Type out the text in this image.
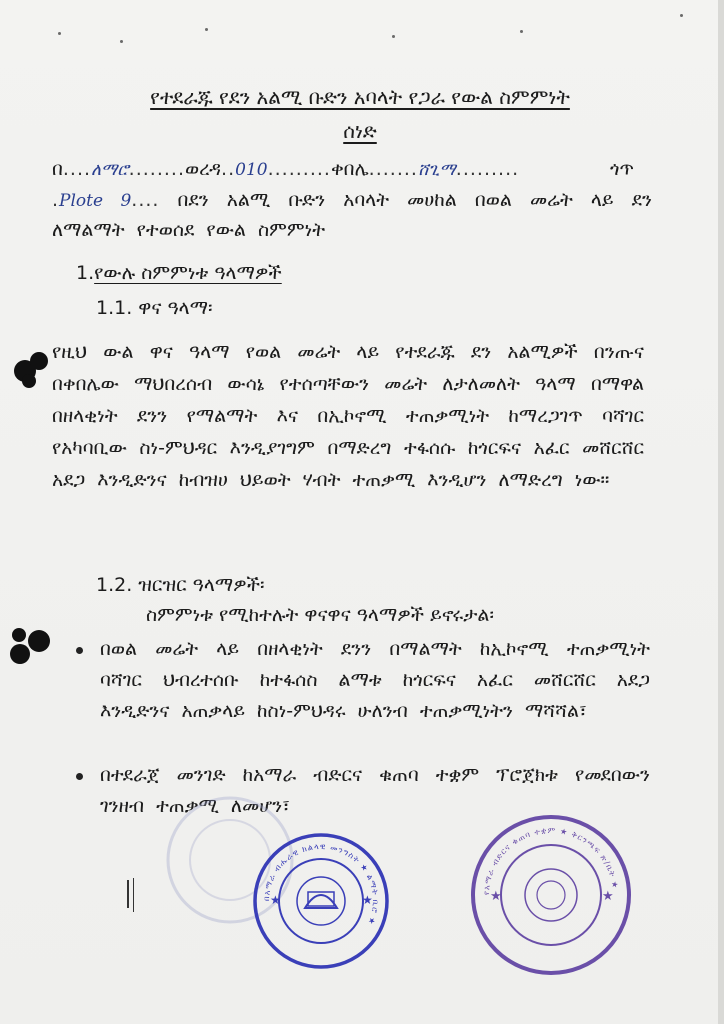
የተደራጁ የደን አልሚ ቡድን አባላት የጋራ የውል ስምምነት
ሰነድ
በ....ለማሮ........ወረዳ..010.........ቀበሌ.......ሸጊማ.........	ጎጥ
.Plote 9.... በደን አልሚ ቡድን አባላት መሀከል በወል መሬት ላይ ደን ለማልማት የተወሰደ የውል ስምምነት
1.የውሉ ስምምነቱ ዓላማዎች
1.1. ዋና ዓላማ፡
የዚህ ውል ዋና ዓላማ የወል መሬት ላይ የተደራጁ ደን አልሚዎች በንጡና በቀበሌው ማህበረሰብ ውሳኔ የተሰጣቸውን መሬት ለታለመለት ዓላማ በማዋል በዘላቂነት ደንን የማልማት እና በኢኮኖሚ ተጠቃሚነት ከማረጋገጥ ባሻገር የአካባቢው ስነ-ምህዳር እንዲያገግም በማድረግ ተፋሰሱ ከጎርፍና አፈር መሸርሸር አደጋ እንዲድንና ከብዝሀ ህይወት ሃብት ተጠቃሚ እንዲሆን ለማድረግ ነው።
1.2. ዝርዝር ዓላማዎች፡
ስምምነቱ የሚከተሉት ዋናዋና ዓላማዎች ይኖሩታል፡
በወል መሬት ላይ በዘላቂነት ደንን በማልማት ከኢኮኖሚ ተጠቃሚነት ባሻገር ህብረተሰቡ ከተፋሰስ ልማቱ ከጎርፍና አፈር መሸርሸር አደጋ እንዲድንና አጠቃላይ ከስነ-ምህዳሩ ሁለንብ ተጠቃሚነትን ማሻሻል፣
በተደራጀ መንገድ ከአማራ ብድርና ቁጠባ ተቋም ፕሮጀክቱ የመደበውን ገንዘብ ተጠቃሚ ለመሆን፣
በአማራ ብሔራዊ ክልላዊ መንግስት ★ ልማት ቢሮ ★
★	★
የአማራ ብድርና ቁጠባ ተቋም ★ ቅርንጫፍ ጽ/ቤት ★
★	★
